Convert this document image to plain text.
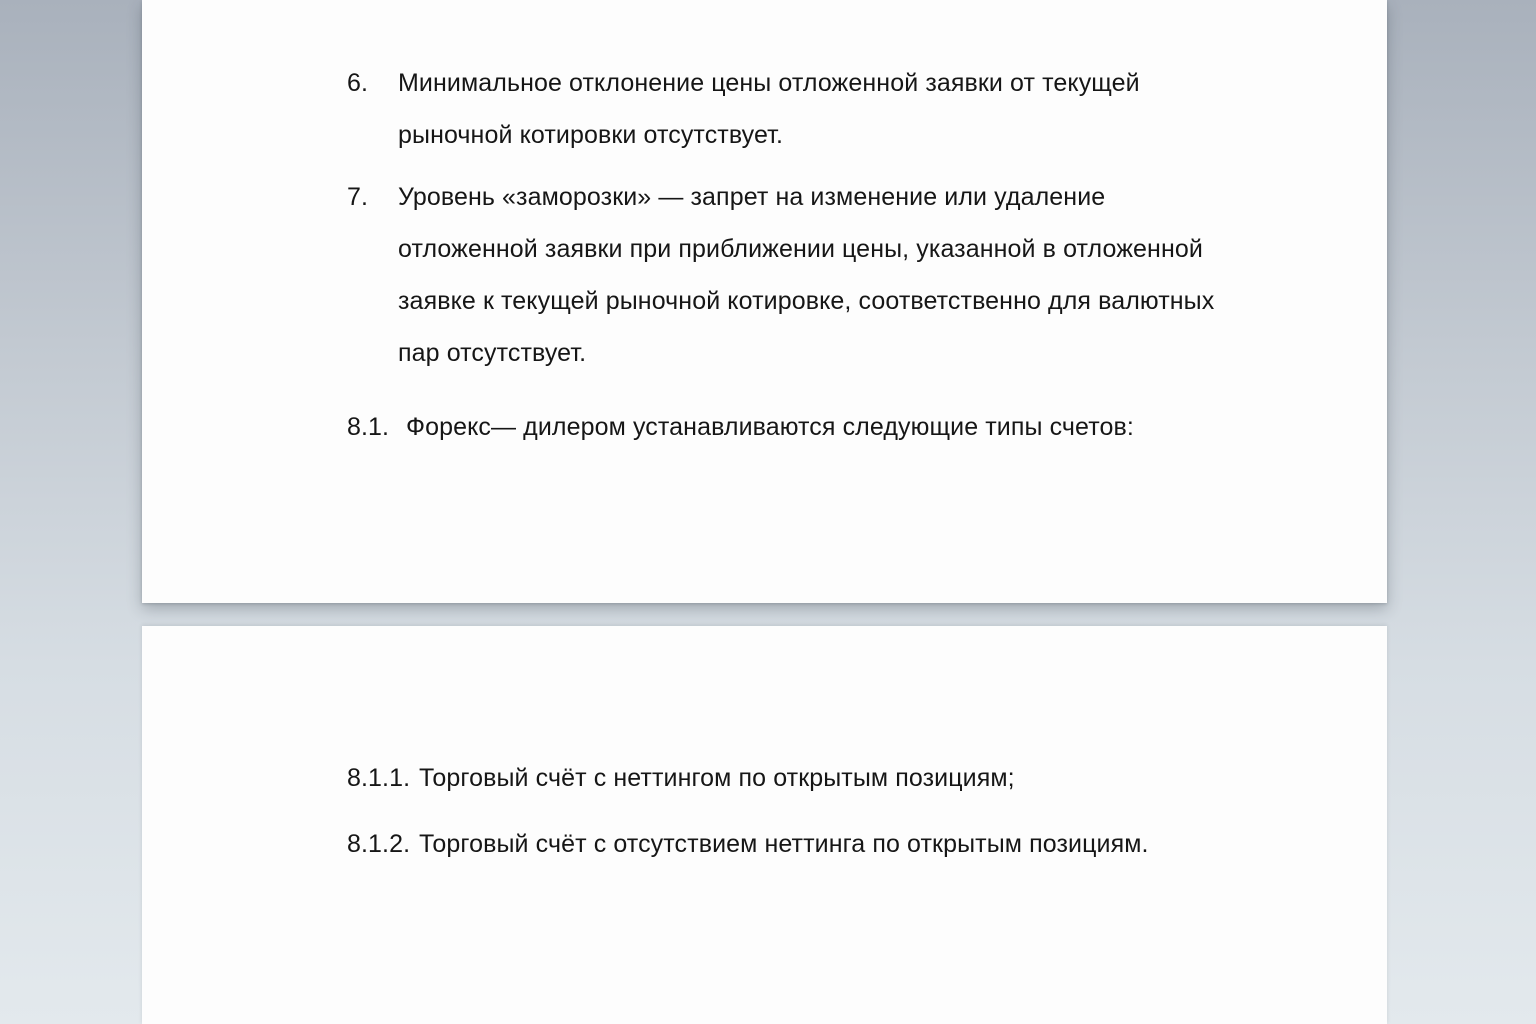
6. Минимальное отклонение цены отложенной заявки от текущей
рыночной котировки отсутствует.
7. Уровень «заморозки» — запрет на изменение или удаление
отложенной заявки при приближении цены, указанной в отложенной
заявке к текущей рыночной котировке, соответственно для валютных
пар отсутствует.
8.1. Форекс— дилером устанавливаются следующие типы счетов:
8.1.1. Торговый счёт с неттингом по открытым позициям;
8.1.2. Торговый счёт с отсутствием неттинга по открытым позициям.
